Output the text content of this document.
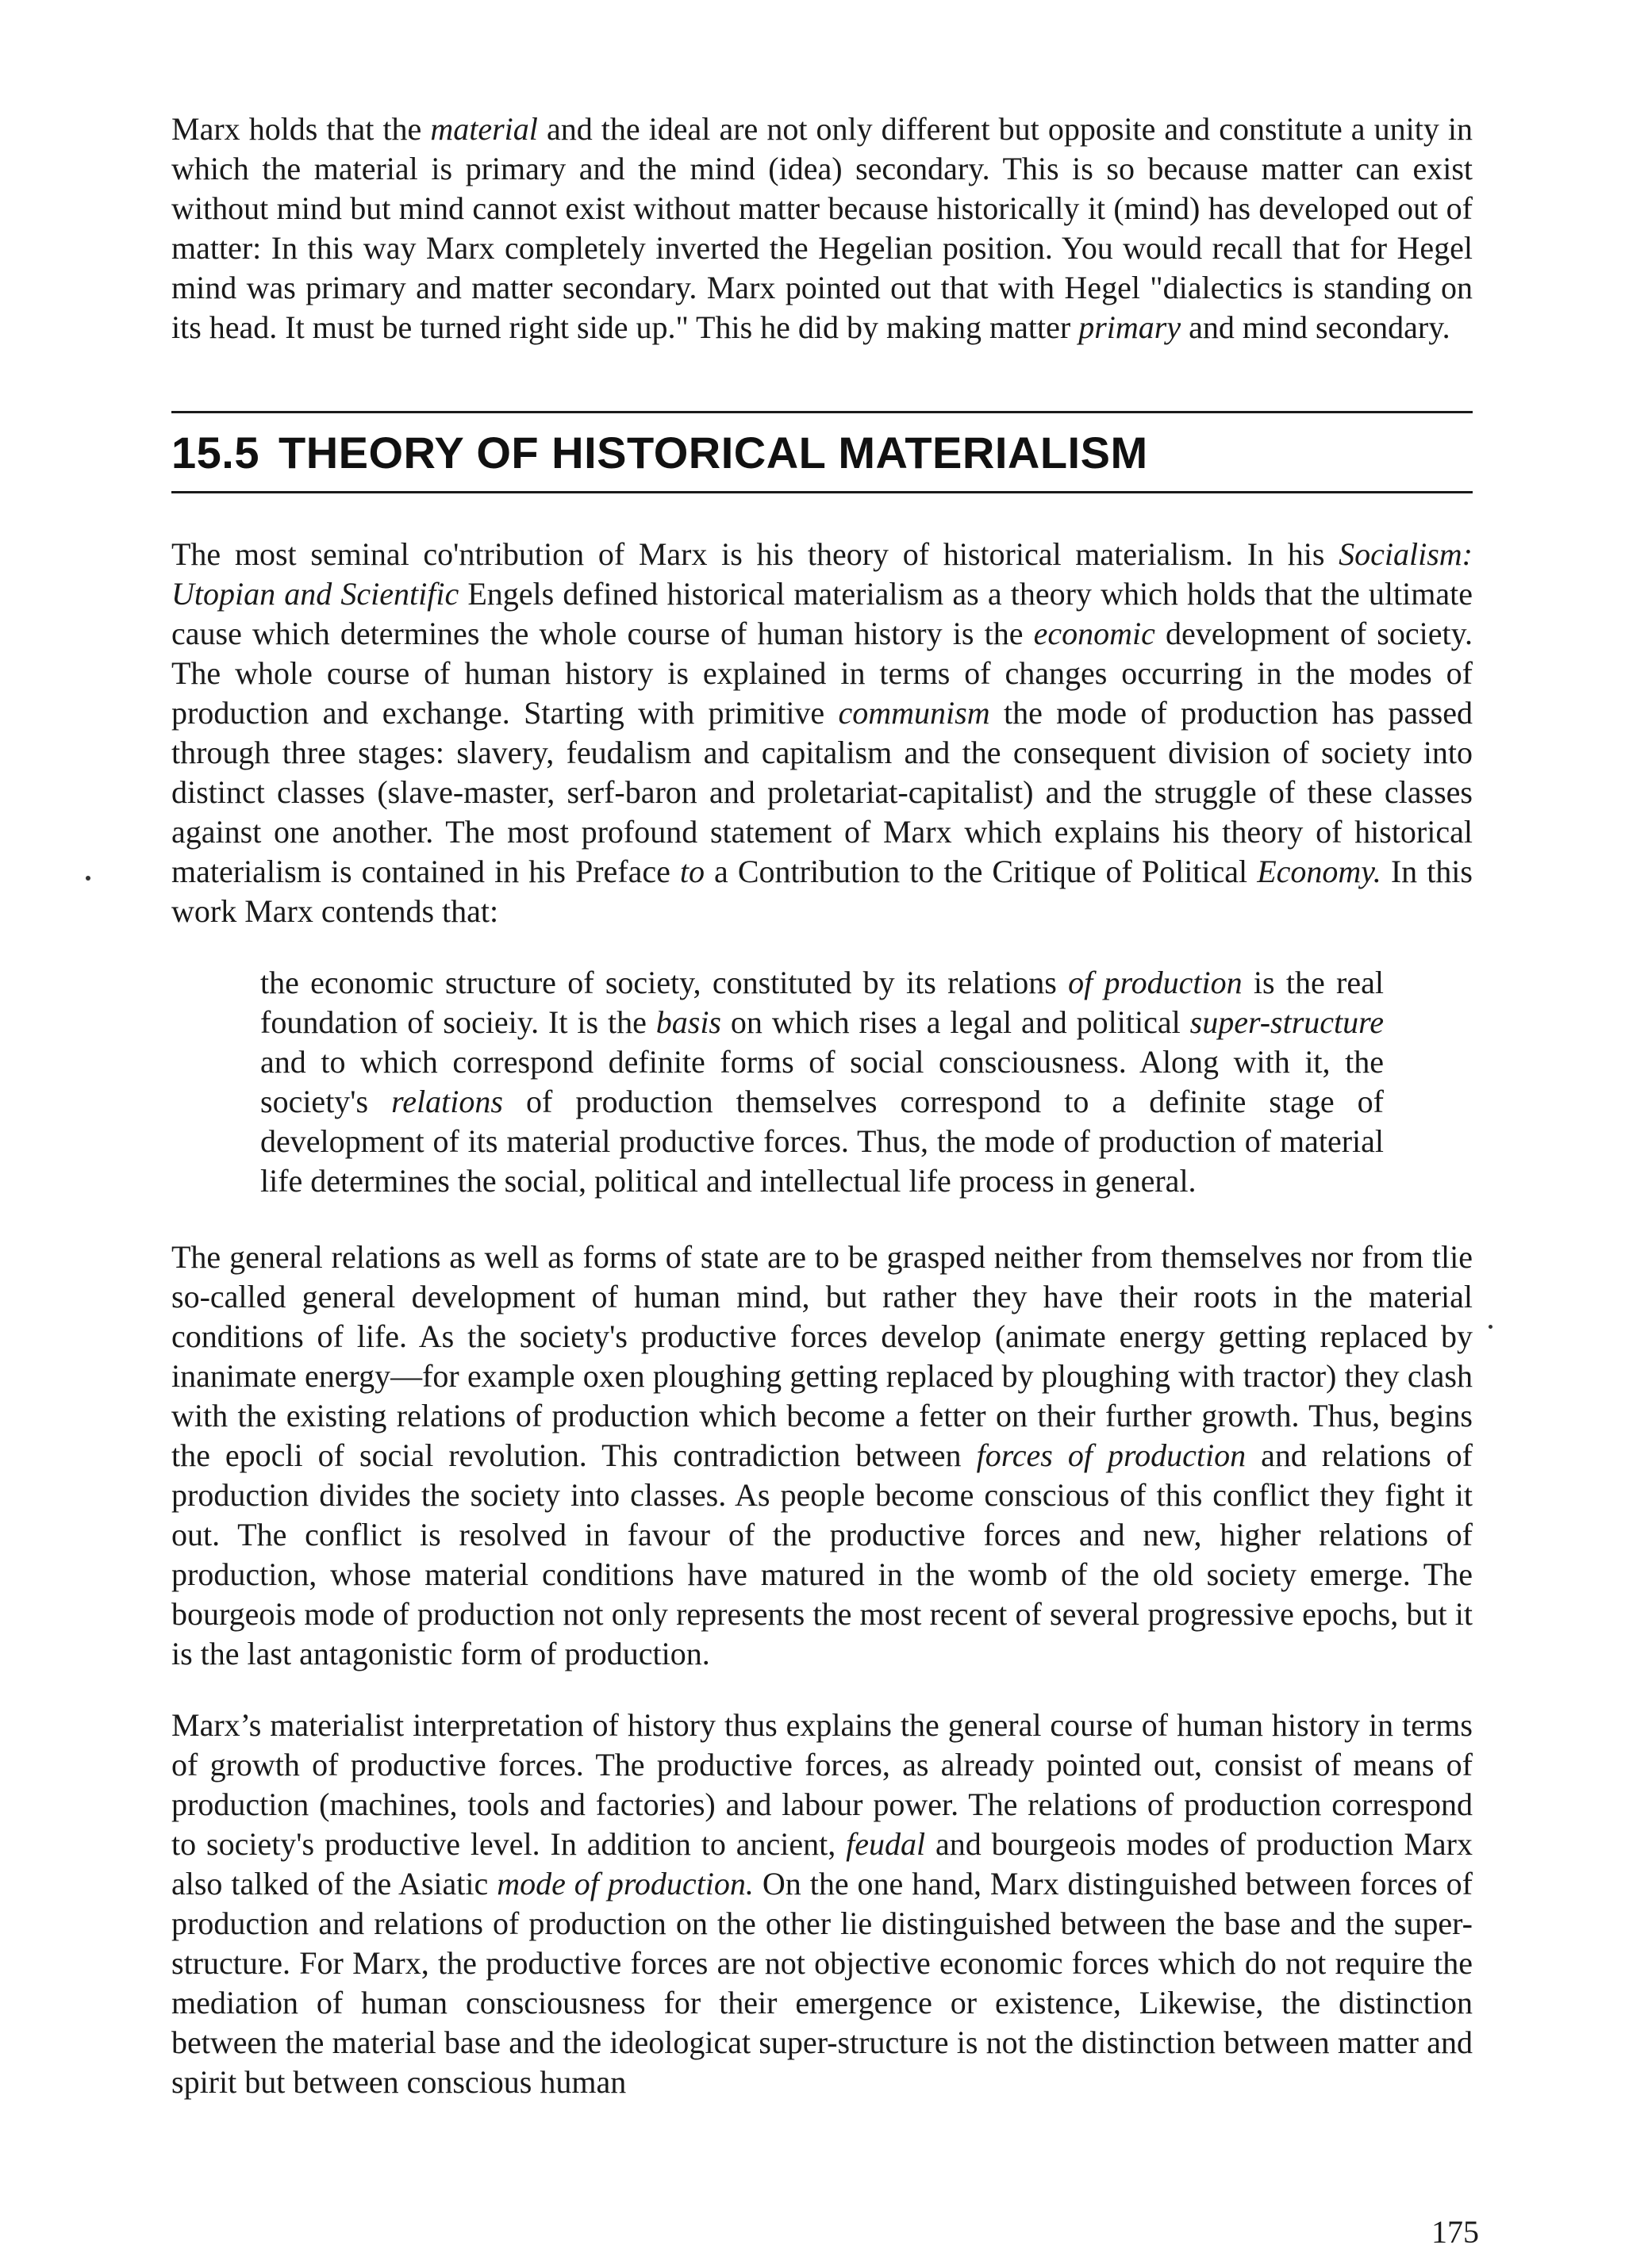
Marx holds that the material and the ideal are not only different but opposite and constitute a unity in which the material is primary and the mind (idea) secondary. This is so because matter can exist without mind but mind cannot exist without matter because historically it (mind) has developed out of matter: In this way Marx completely inverted the Hegelian position. You would recall that for Hegel mind was primary and matter secondary. Marx pointed out that with Hegel "dialectics is standing on its head. It must be turned right side up." This he did by making matter primary and mind secondary.

15.5 THEORY OF HISTORICAL MATERIALISM

The most seminal co'ntribution of Marx is his theory of historical materialism. In his Socialism: Utopian and Scientific Engels defined historical materialism as a theory which holds that the ultimate cause which determines the whole course of human history is the economic development of society. The whole course of human history is explained in terms of changes occurring in the modes of production and exchange. Starting with primitive communism the mode of production has passed through three stages: slavery, feudalism and capitalism and the consequent division of society into distinct classes (slave-master, serf-baron and proletariat-capitalist) and the struggle of these classes against one another. The most profound statement of Marx which explains his theory of historical materialism is contained in his Preface to a Contribution to the Critique of Political Economy. In this work Marx contends that:

the economic structure of society, constituted by its relations of production is the real foundation of socieiy. It is the basis on which rises a legal and political super-structure and to which correspond definite forms of social consciousness. Along with it, the society's relations of production themselves correspond to a definite stage of development of its material productive forces. Thus, the mode of production of material life determines the social, political and intellectual life process in general.

The general relations as well as forms of state are to be grasped neither from themselves nor from tlie so-called general development of human mind, but rather they have their roots in the material conditions of life. As the society's productive forces develop (animate energy getting replaced by inanimate energy—for example oxen ploughing getting replaced by ploughing with tractor) they clash with the existing relations of production which become a fetter on their further growth. Thus, begins the epocli of social revolution. This contradiction between forces of production and relations of production divides the society into classes. As people become conscious of this conflict they fight it out. The conflict is resolved in favour of the productive forces and new, higher relations of production, whose material conditions have matured in the womb of the old society emerge. The bourgeois mode of production not only represents the most recent of several progressive epochs, but it is the last antagonistic form of production.

Marx’s materialist interpretation of history thus explains the general course of human history in terms of growth of productive forces. The productive forces, as already pointed out, consist of means of production (machines, tools and factories) and labour power. The relations of production correspond to society's productive level. In addition to ancient, feudal and bourgeois modes of production Marx also talked of the Asiatic mode of production. On the one hand, Marx distinguished between forces of production and relations of production on the other lie distinguished between the base and the super-structure. For Marx, the productive forces are not objective economic forces which do not require the mediation of human consciousness for their emergence or existence, Likewise, the distinction between the material base and the ideologicat super-structure is not the distinction between matter and spirit but between conscious human

175
